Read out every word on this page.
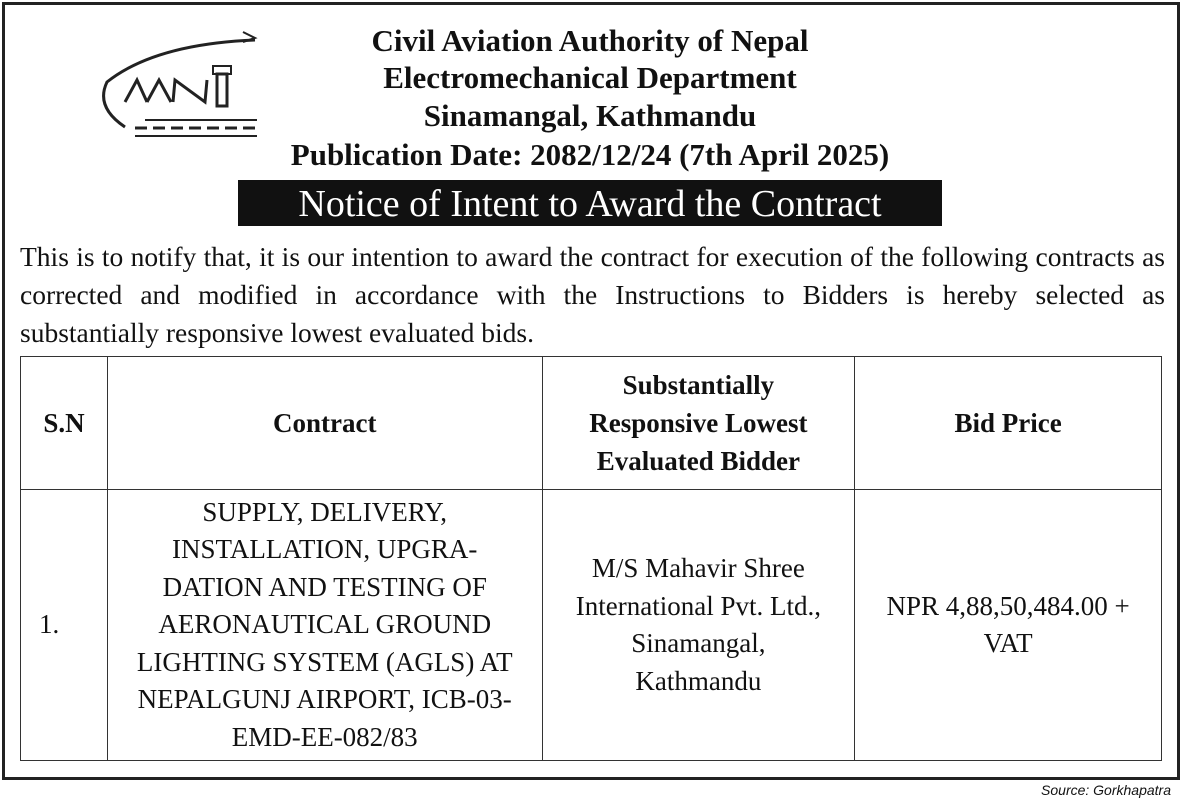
Civil Aviation Authority of Nepal
Electromechanical Department
Sinamangal, Kathmandu
Publication Date: 2082/12/24 (7th April 2025)
Notice of Intent to Award the Contract
This is to notify that, it is our intention to award the contract for execution of the following contracts as corrected and modified in accordance with the Instructions to Bidders is hereby selected as substantially responsive lowest evaluated bids.
S.N	Contract	Substantially Responsive Lowest Evaluated Bidder	Bid Price
1.	SUPPLY, DELIVERY, INSTALLATION, UPGRA-DATION AND TESTING OF AERONAUTICAL GROUND LIGHTING SYSTEM (AGLS) AT NEPALGUNJ AIRPORT, ICB-03-EMD-EE-082/83	M/S Mahavir Shree International Pvt. Ltd., Sinamangal, Kathmandu	NPR 4,88,50,484.00 + VAT
Source: Gorkhapatra
